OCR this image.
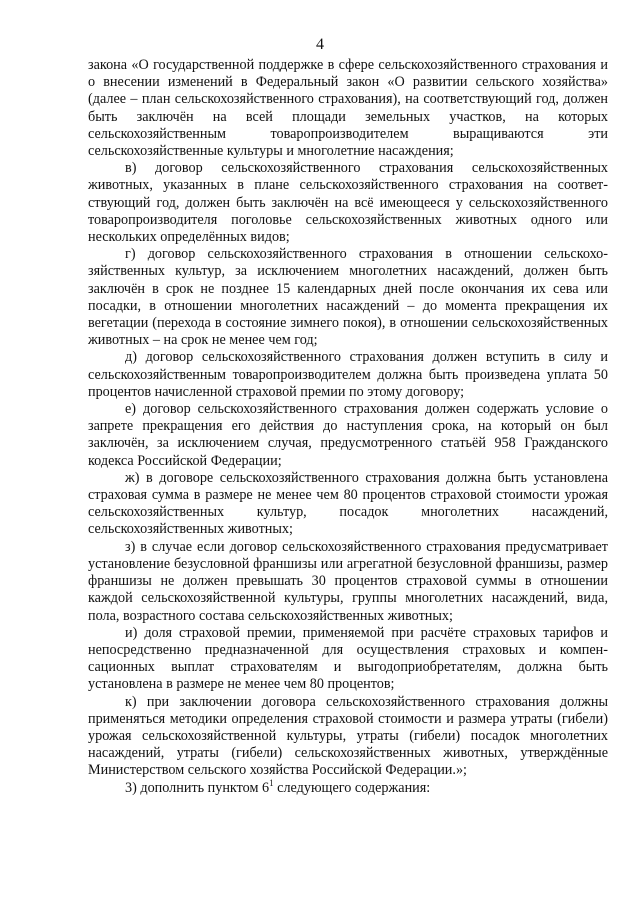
4

закона «О государственной поддержке в сфере сельскохозяйственного страхования и о внесении изменений в Федеральный закон «О развитии сельского хозяйства» (далее – план сельскохозяйственного страхования), на соответствующий год, должен быть заключён на всей площади земельных участков, на которых сельскохозяйственным товаропроизводителем выращиваются эти сельскохозяйственные культуры и многолетние насаждения;

в) договор сельскохозяйственного страхования сельскохозяйственных животных, указанных в плане сельскохозяйственного страхования на соответствующий год, должен быть заключён на всё имеющееся у сельскохозяйственного товаропроизводителя поголовье сельскохозяйственных животных одного или нескольких определённых видов;

г) договор сельскохозяйственного страхования в отношении сельскохозяйственных культур, за исключением многолетних насаждений, должен быть заключён в срок не позднее 15 календарных дней после окончания их сева или посадки, в отношении многолетних насаждений – до момента прекращения их вегетации (перехода в состояние зимнего покоя), в отношении сельскохозяйственных животных – на срок не менее чем год;

д) договор сельскохозяйственного страхования должен вступить в силу и сельскохозяйственным товаропроизводителем должна быть произведена уплата 50 процентов начисленной страховой премии по этому договору;

е) договор сельскохозяйственного страхования должен содержать условие о запрете прекращения его действия до наступления срока, на который он был заключён, за исключением случая, предусмотренного статьёй 958 Гражданского кодекса Российской Федерации;

ж) в договоре сельскохозяйственного страхования должна быть установлена страховая сумма в размере не менее чем 80 процентов страховой стоимости урожая сельскохозяйственных культур, посадок многолетних насаждений, сельскохозяйственных животных;

з) в случае если договор сельскохозяйственного страхования предусматривает установление безусловной франшизы или агрегатной безусловной франшизы, размер франшизы не должен превышать 30 процентов страховой суммы в отношении каждой сельскохозяйственной культуры, группы многолетних насаждений, вида, пола, возрастного состава сельскохозяйственных животных;

и) доля страховой премии, применяемой при расчёте страховых тарифов и непосредственно предназначенной для осуществления страховых и компенсационных выплат страхователям и выгодоприобретателям, должна быть установлена в размере не менее чем 80 процентов;

к) при заключении договора сельскохозяйственного страхования должны применяться методики определения страховой стоимости и размера утраты (гибели) урожая сельскохозяйственной культуры, утраты (гибели) посадок многолетних насаждений, утраты (гибели) сельскохозяйственных животных, утверждённые Министерством сельского хозяйства Российской Федерации.»;

3) дополнить пунктом $6^1$ следующего содержания:
